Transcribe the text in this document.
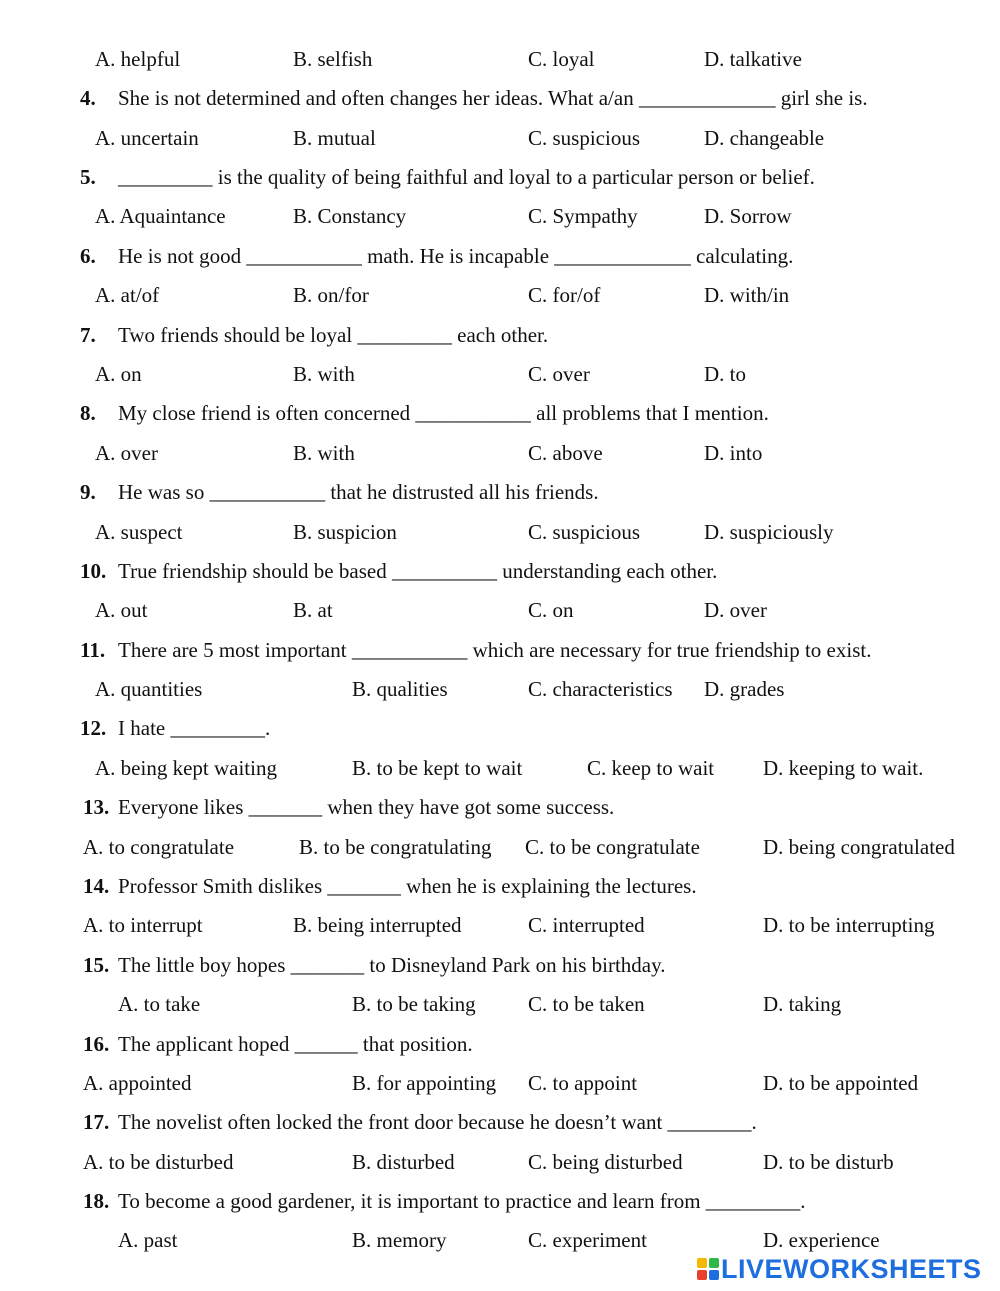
A. helpful	B. selfish	C. loyal	D. talkative
4. She is not determined and often changes her ideas. What a/an _____________ girl she is.
A. uncertain	B. mutual	C. suspicious	D. changeable
5. _________ is the quality of being faithful and loyal to a particular person or belief.
A. Aquaintance	B. Constancy	C. Sympathy	D. Sorrow
6. He is not good ___________ math. He is incapable _____________ calculating.
A. at/of	B. on/for	C. for/of	D. with/in
7. Two friends should be loyal _________ each other.
A. on	B. with	C. over	D. to
8. My close friend is often concerned ___________ all problems that I mention.
A. over	B. with	C. above	D. into
9. He was so ___________ that he distrusted all his friends.
A. suspect	B. suspicion	C. suspicious	D. suspiciously
10. True friendship should be based __________ understanding each other.
A. out	B. at	C. on	D. over
11. There are 5 most important ___________ which are necessary for true friendship to exist.
A. quantities	B. qualities	C. characteristics D. grades
12. I hate _________.
A. being kept waiting	B. to be kept to wait	C. keep to wait D. keeping to wait.
13. Everyone likes _______ when they have got some success.
A. to congratulate	B. to be congratulating C. to be congratulate	D. being congratulated
14. Professor Smith dislikes _______ when he is explaining the lectures.
A. to interrupt	B. being interrupted	C. interrupted	D. to be interrupting
15. The little boy hopes _______ to Disneyland Park on his birthday.
A. to take	B. to be taking C. to be taken	D. taking
16. The applicant hoped ______ that position.
A. appointed	B. for appointing C. to appoint	D. to be appointed
17. The novelist often locked the front door because he doesn’t want ________.
A. to be disturbed	B. disturbed	C. being disturbed	D. to be disturb
18. To become a good gardener, it is important to practice and learn from _________.
A. past	B. memory	C. experiment	D. experience
LIVEWORKSHEETS
